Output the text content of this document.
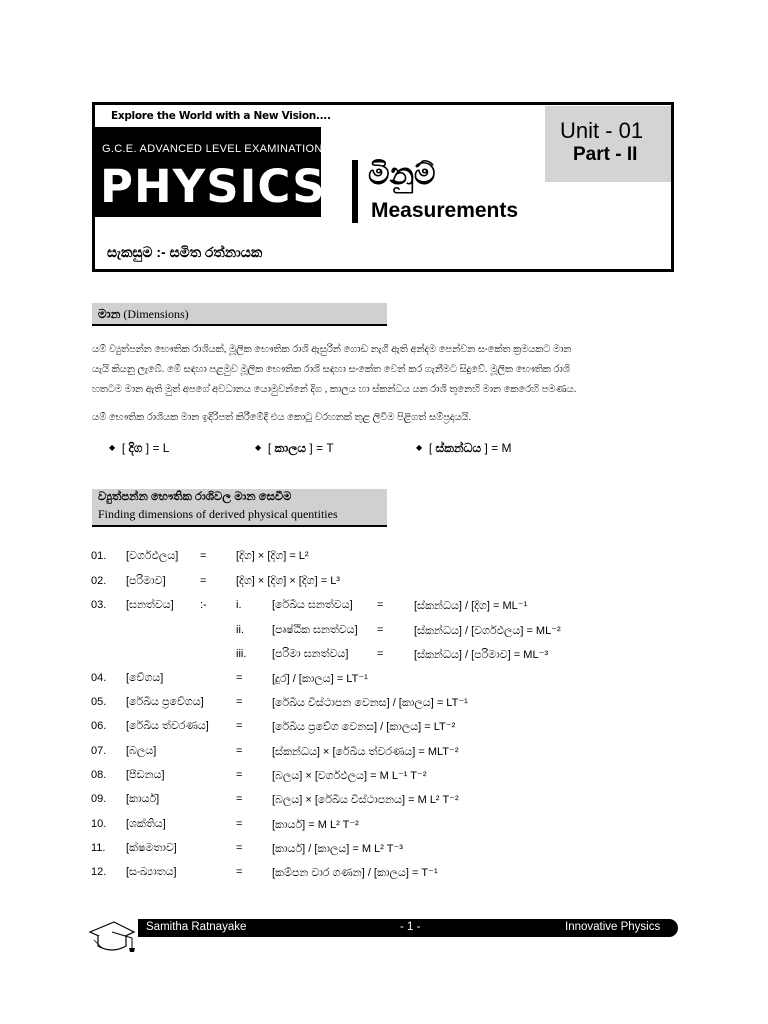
Explore the World with a New Vision....
G.C.E. ADVANCED LEVEL EXAMINATION
PHYSICS
Unit - 01
Part - II
මිනුම්
Measurements
සැකසුම :- සමිත රත්නායක
මාන (Dimensions)
යම් ව්‍යුත්පන්න භෞතික රාශියක්, මූලික භෞතික රාශි ඇසුරින් ගොඩ නැගී ඇති අන්දම පෙන්වන සංකේත ක්‍රමයකට මාන
යැයි කියනු ලැබේ. මේ සඳහා පළමුව මූලික භෞතික රාශි සඳහා සංකේත වෙන් කර ගැනීමට සිදුවේ. මූලික භෞතික රාශි
හතටම මාන ඇති මුත් අපගේ අවධානය යොමුවන්නේ දිග , කාලය හා ස්කන්ධය යන රාශි තුනෙහි මාන කෙරෙහි පමණය.
යම් භෞතික රාශියක මාන ඉදිරිපත් කිරීමේදී එය කොටු වරහනක් තුළ ලිවීම පිළිගත් සම්ප්‍රදායයි.
◆ [ දිග ] = L	◆ [ කාලය ] = T	◆ [ ස්කන්ධය ] = M
ව්‍යුත්පන්න භෞතික රාශිවල මාන සෙවීම
Finding dimensions of derived physical quentities
01. [වර්ගඵලය] =	[දිග] × [දිග] = L²
02. [පරිමාව]	=	[දිග] × [දිග] × [දිග] = L³
03. [ඝනත්වය] :-	i.	[රේඛීය ඝනත්වය] =	[ස්කන්ධය] / [දිග] = ML⁻¹
ii.	[පෘෂ්ඨික ඝනත්වය] =	[ස්කන්ධය] / [වර්ගඵලය] = ML⁻²
iii. [පරිමා ඝනත්වය]	=	[ස්කන්ධය] / [පරිමාව] = ML⁻³
04. [වේගය]	=	[දුර] / [කාලය] = LT⁻¹
05. [රේඛීය ප්‍රවේගය]	=	[රේඛීය විස්ථාපන වෙනස] / [කාලය] = LT⁻¹
06. [රේඛීය ත්වරණය] =	[රේඛීය ප්‍රවේග වෙනස] / [කාලය] = LT⁻²
07. [බලය]	=	[ස්කන්ධය] × [රේඛීය ත්වරණය] = MLT⁻²
08. [පීඩනය]	=	[බලය] × [වර්ගඵලය] = M L⁻¹ T⁻²
09. [කාර්ය]	=	[බලය] × [රේඛීය විස්ථාපනය] = M L² T⁻²
10. [ශක්තිය]	=	[කාර්ය] = M L² T⁻²
11. [ක්ෂමතාව]	=	[කාර්ය] / [කාලය] = M L² T⁻³
12. [සංඛ්‍යාතය]	=	[කම්පන වාර ගණන] / [කාලය] = T⁻¹
Samitha Ratnayake	- 1 -	Innovative Physics
